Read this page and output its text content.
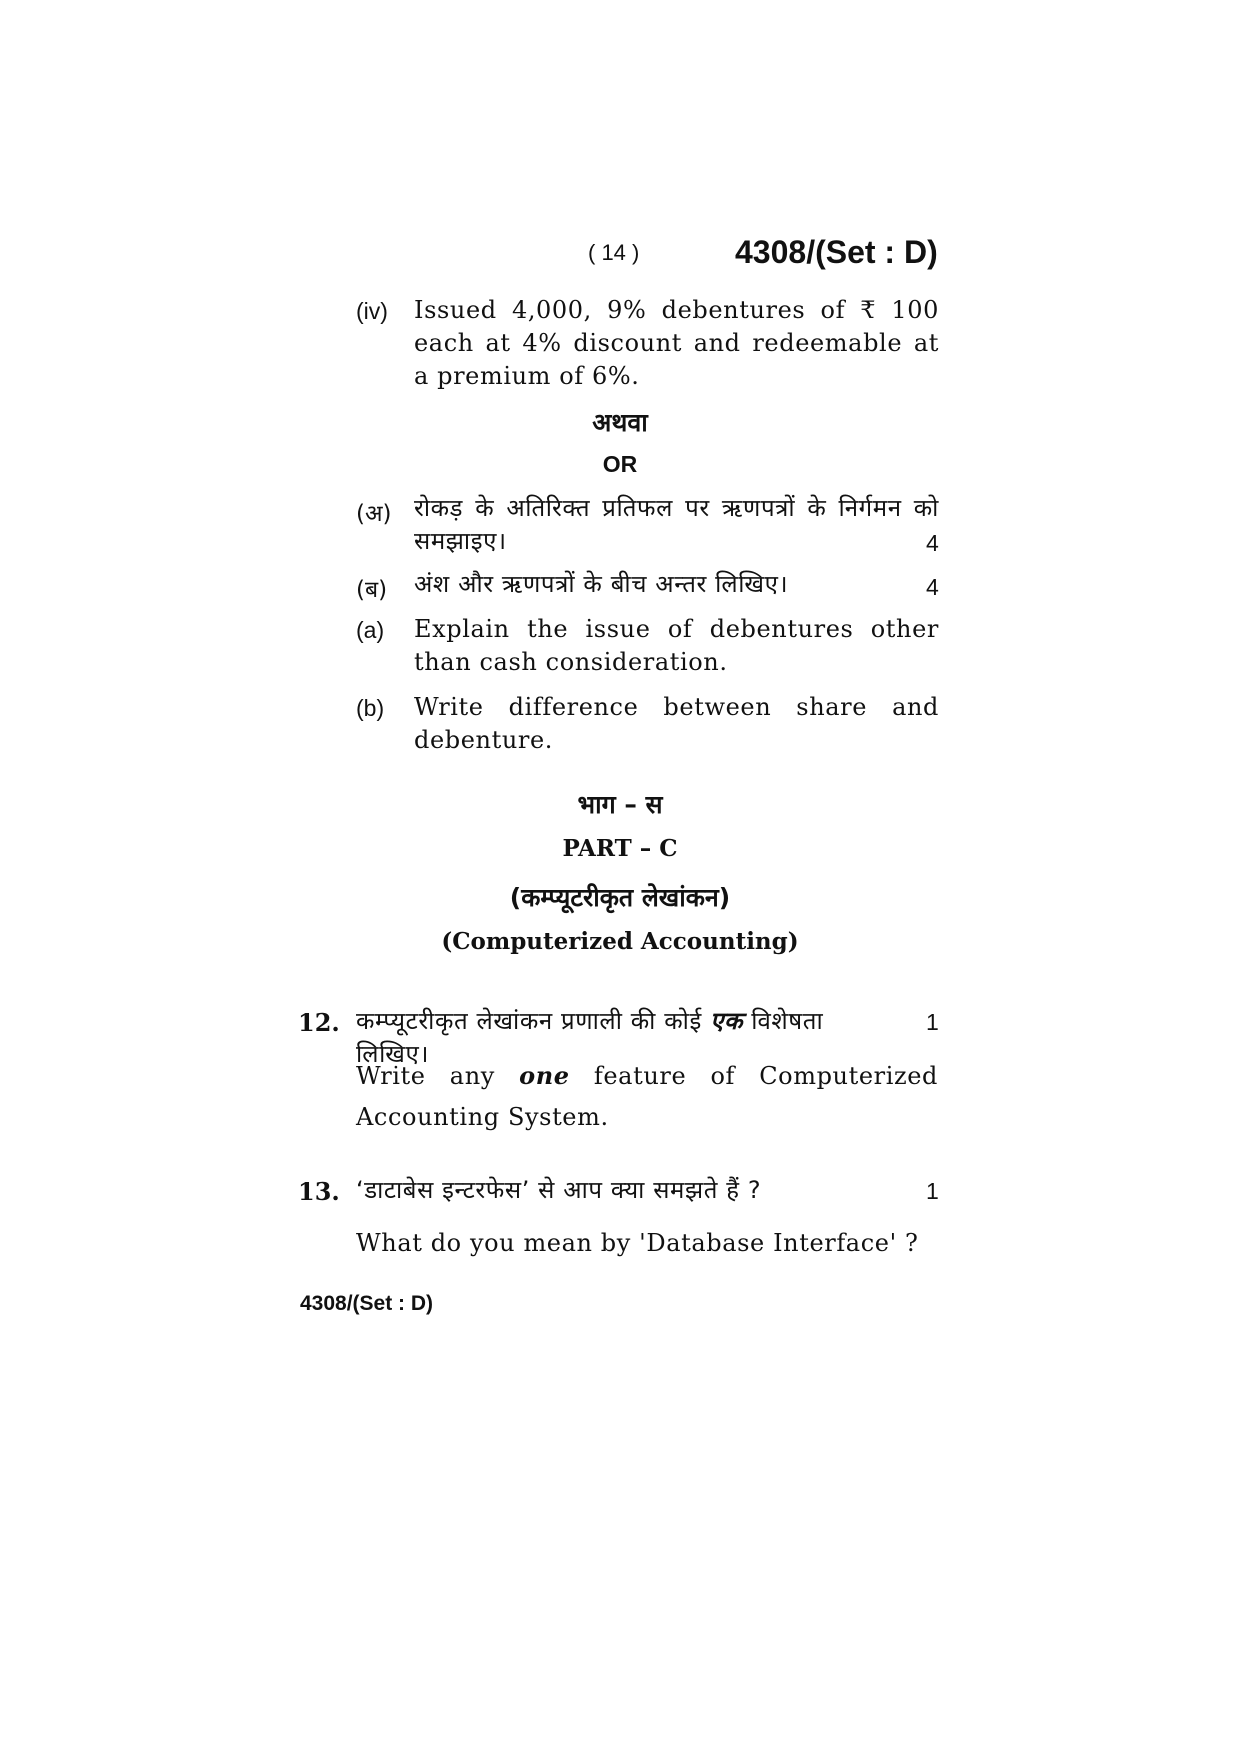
( 14 )	4308/(Set : D)
(iv) Issued 4,000, 9% debentures of ₹ 100 each at 4% discount and redeemable at a premium of 6%.
अथवा
OR
(अ) रोकड़ के अतिरिक्त प्रतिफल पर ऋणपत्रों के निर्गमन को समझाइए।	4
(ब) अंश और ऋणपत्रों के बीच अन्तर लिखिए।	4
(a) Explain the issue of debentures other than cash consideration.
(b) Write difference between share and debenture.
भाग – स
PART – C
(कम्प्यूटरीकृत लेखांकन)
(Computerized Accounting)
12. कम्प्यूटरीकृत लेखांकन प्रणाली की कोई एक विशेषता लिखिए।
1
Write any one feature of Computerized Accounting System.
13. ‘डाटाबेस इन्टरफेस’ से आप क्या समझते हैं ?	1
What do you mean by 'Database Interface' ?
4308/(Set : D)
